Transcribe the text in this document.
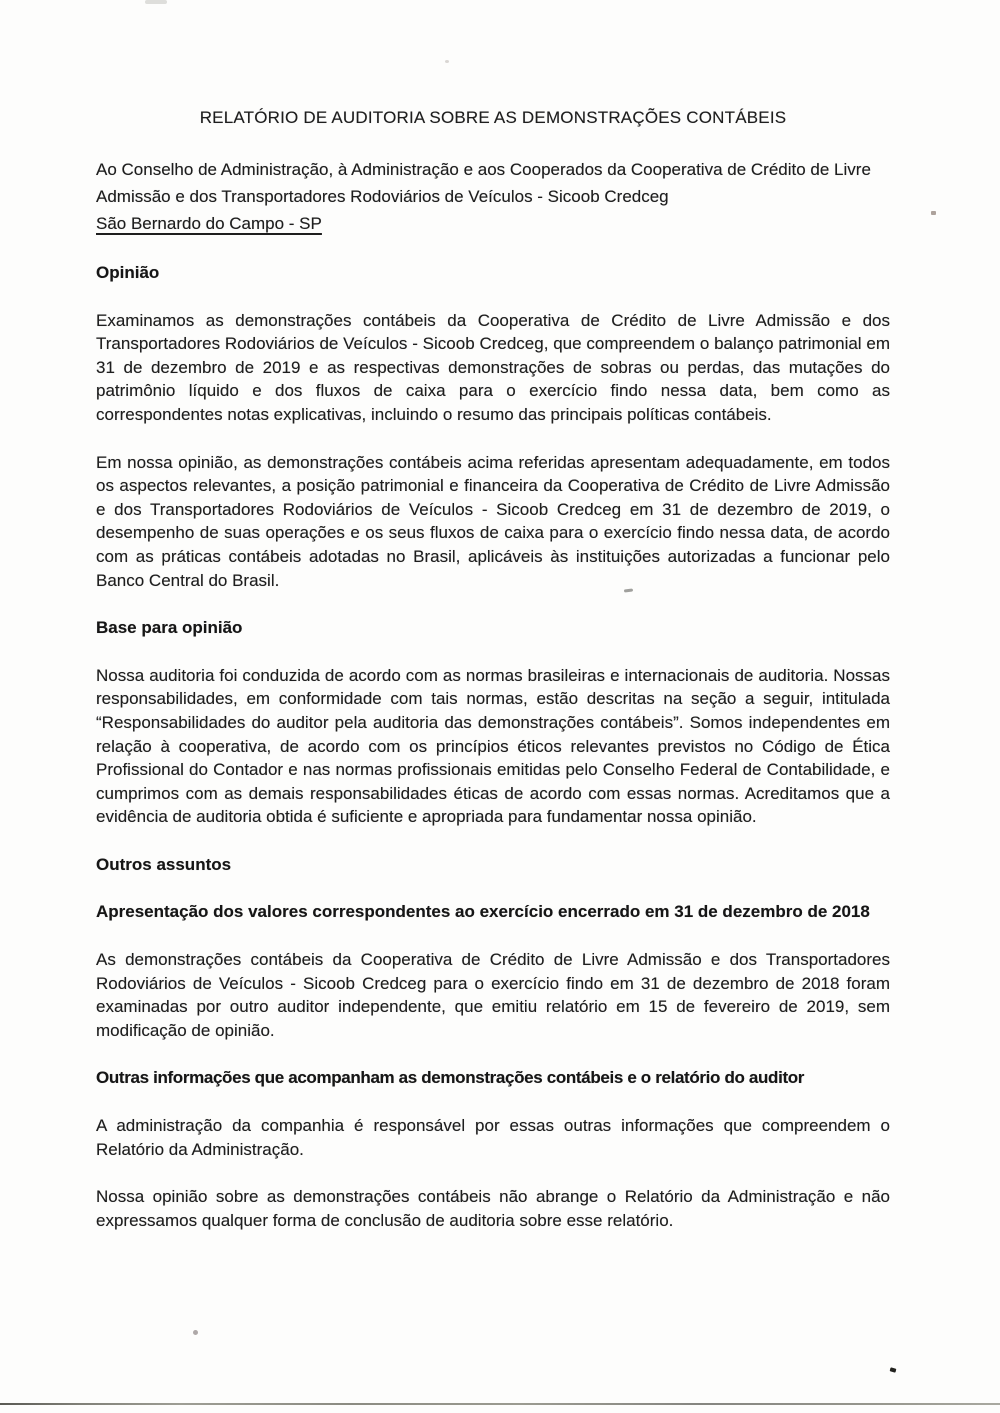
RELATÓRIO DE AUDITORIA SOBRE AS DEMONSTRAÇÕES CONTÁBEIS

Ao Conselho de Administração, à Administração e aos Cooperados da Cooperativa de Crédito de Livre Admissão e dos Transportadores Rodoviários de Veículos - Sicoob Credceg

São Bernardo do Campo - SP

Opinião

Examinamos as demonstrações contábeis da Cooperativa de Crédito de Livre Admissão e dos Transportadores Rodoviários de Veículos - Sicoob Credceg, que compreendem o balanço patrimonial em 31 de dezembro de 2019 e as respectivas demonstrações de sobras ou perdas, das mutações do patrimônio líquido e dos fluxos de caixa para o exercício findo nessa data, bem como as correspondentes notas explicativas, incluindo o resumo das principais políticas contábeis.

Em nossa opinião, as demonstrações contábeis acima referidas apresentam adequadamente, em todos os aspectos relevantes, a posição patrimonial e financeira da Cooperativa de Crédito de Livre Admissão e dos Transportadores Rodoviários de Veículos - Sicoob Credceg em 31 de dezembro de 2019, o desempenho de suas operações e os seus fluxos de caixa para o exercício findo nessa data, de acordo com as práticas contábeis adotadas no Brasil, aplicáveis às instituições autorizadas a funcionar pelo Banco Central do Brasil.

Base para opinião

Nossa auditoria foi conduzida de acordo com as normas brasileiras e internacionais de auditoria. Nossas responsabilidades, em conformidade com tais normas, estão descritas na seção a seguir, intitulada “Responsabilidades do auditor pela auditoria das demonstrações contábeis”. Somos independentes em relação à cooperativa, de acordo com os princípios éticos relevantes previstos no Código de Ética Profissional do Contador e nas normas profissionais emitidas pelo Conselho Federal de Contabilidade, e cumprimos com as demais responsabilidades éticas de acordo com essas normas. Acreditamos que a evidência de auditoria obtida é suficiente e apropriada para fundamentar nossa opinião.

Outros assuntos

Apresentação dos valores correspondentes ao exercício encerrado em 31 de dezembro de 2018

As demonstrações contábeis da Cooperativa de Crédito de Livre Admissão e dos Transportadores Rodoviários de Veículos - Sicoob Credceg para o exercício findo em 31 de dezembro de 2018 foram examinadas por outro auditor independente, que emitiu relatório em 15 de fevereiro de 2019, sem modificação de opinião.

Outras informações que acompanham as demonstrações contábeis e o relatório do auditor

A administração da companhia é responsável por essas outras informações que compreendem o Relatório da Administração.

Nossa opinião sobre as demonstrações contábeis não abrange o Relatório da Administração e não expressamos qualquer forma de conclusão de auditoria sobre esse relatório.
